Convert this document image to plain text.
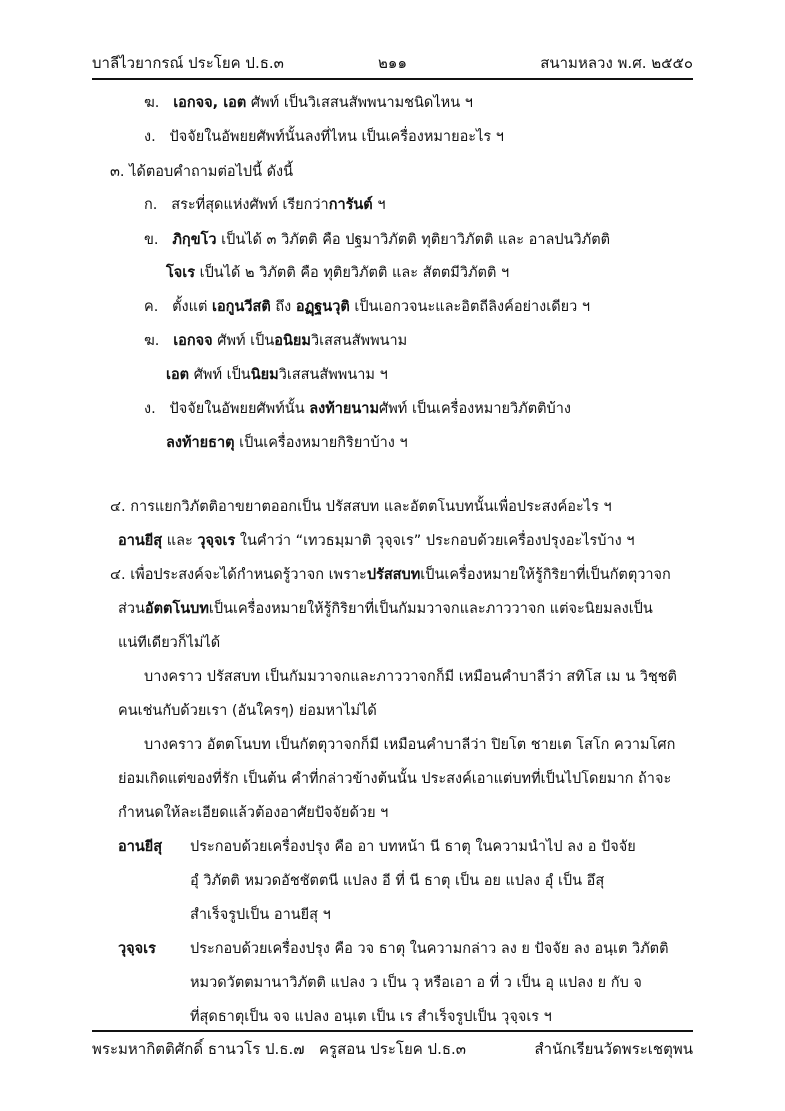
บาลีไวยากรณ์ ประโยค ป.ธ.๓	๒๑๑	สนามหลวง พ.ศ. ๒๕๕๐
ฆ. เอกจจ, เอต ศัพท์ เป็นวิเสสนสัพพนามชนิดไหน ฯ
ง. ปัจจัยในอัพยยศัพท์นั้นลงที่ไหน เป็นเครื่องหมายอะไร ฯ
๓. ได้ตอบคำถามต่อไปนี้ ดังนี้
ก. สระที่สุดแห่งศัพท์ เรียกว่าการันต์ ฯ
ข. ภิกฺขโว เป็นได้ ๓ วิภัตติ คือ ปฐมาวิภัตติ ทุติยาวิภัตติ และ อาลปนวิภัตติ
โจเร เป็นได้ ๒ วิภัตติ คือ ทุติยวิภัตติ และ สัตตมีวิภัตติ ฯ
ค. ตั้งแต่ เอกูนวีสติ ถึง อฏฺฐนวุติ เป็นเอกวจนะและอิตถีลิงค์อย่างเดียว ฯ
ฆ. เอกจจ ศัพท์ เป็นอนิยมวิเสสนสัพพนาม
เอต ศัพท์ เป็นนิยมวิเสสนสัพพนาม ฯ
ง. ปัจจัยในอัพยยศัพท์นั้น ลงท้ายนามศัพท์ เป็นเครื่องหมายวิภัตติบ้าง
ลงท้ายธาตุ เป็นเครื่องหมายกิริยาบ้าง ฯ
๔. การแยกวิภัตติอาขยาตออกเป็น ปรัสสบท และอัตตโนบทนั้นเพื่อประสงค์อะไร ฯ
อานยีสุ และ วุจฺจเร ในคำว่า “เทวธมฺมาติ วุจฺจเร” ประกอบด้วยเครื่องปรุงอะไรบ้าง ฯ
๔. เพื่อประสงค์จะได้กำหนดรู้วาจก เพราะปรัสสบทเป็นเครื่องหมายให้รู้กิริยาที่เป็นกัตตุวาจก
ส่วนอัตตโนบทเป็นเครื่องหมายให้รู้กิริยาที่เป็นกัมมวาจกและภาววาจก แต่จะนิยมลงเป็น
แน่ทีเดียวก็ไม่ได้
บางคราว ปรัสสบท เป็นกัมมวาจกและภาววาจกก็มี เหมือนคำบาลีว่า สทิโส เม น วิชฺชติ
คนเช่นกับด้วยเรา (อันใครๆ) ย่อมหาไม่ได้
บางคราว อัตตโนบท เป็นกัตตุวาจกก็มี เหมือนคำบาลีว่า ปิยโต ชายเต โสโก ความโศก
ย่อมเกิดแต่ของที่รัก เป็นต้น คำที่กล่าวข้างต้นนั้น ประสงค์เอาแต่บทที่เป็นไปโดยมาก ถ้าจะ
กำหนดให้ละเอียดแล้วต้องอาศัยปัจจัยด้วย ฯ
อานยีสุ ประกอบด้วยเครื่องปรุง คือ อา บทหน้า นี ธาตุ ในความนำไป ลง อ ปัจจัย
อุํ วิภัตติ หมวดอัชชัตตนี แปลง อี ที่ นี ธาตุ เป็น อย แปลง อุํ เป็น อึสุ
สำเร็จรูปเป็น อานยีสุ ฯ
วุจฺจเร ประกอบด้วยเครื่องปรุง คือ วจ ธาตุ ในความกล่าว ลง ย ปัจจัย ลง อนฺเต วิภัตติ
หมวดวัตตมานาวิภัตติ แปลง ว เป็น วุ หรือเอา อ ที่ ว เป็น อุ แปลง ย กับ จ
ที่สุดธาตุเป็น จจ แปลง อนฺเต เป็น เร สำเร็จรูปเป็น วุจฺจเร ฯ
พระมหากิตติศักดิ์ ธานวโร ป.ธ.๗ ครูสอน ประโยค ป.ธ.๓	สำนักเรียนวัดพระเชตุพน
